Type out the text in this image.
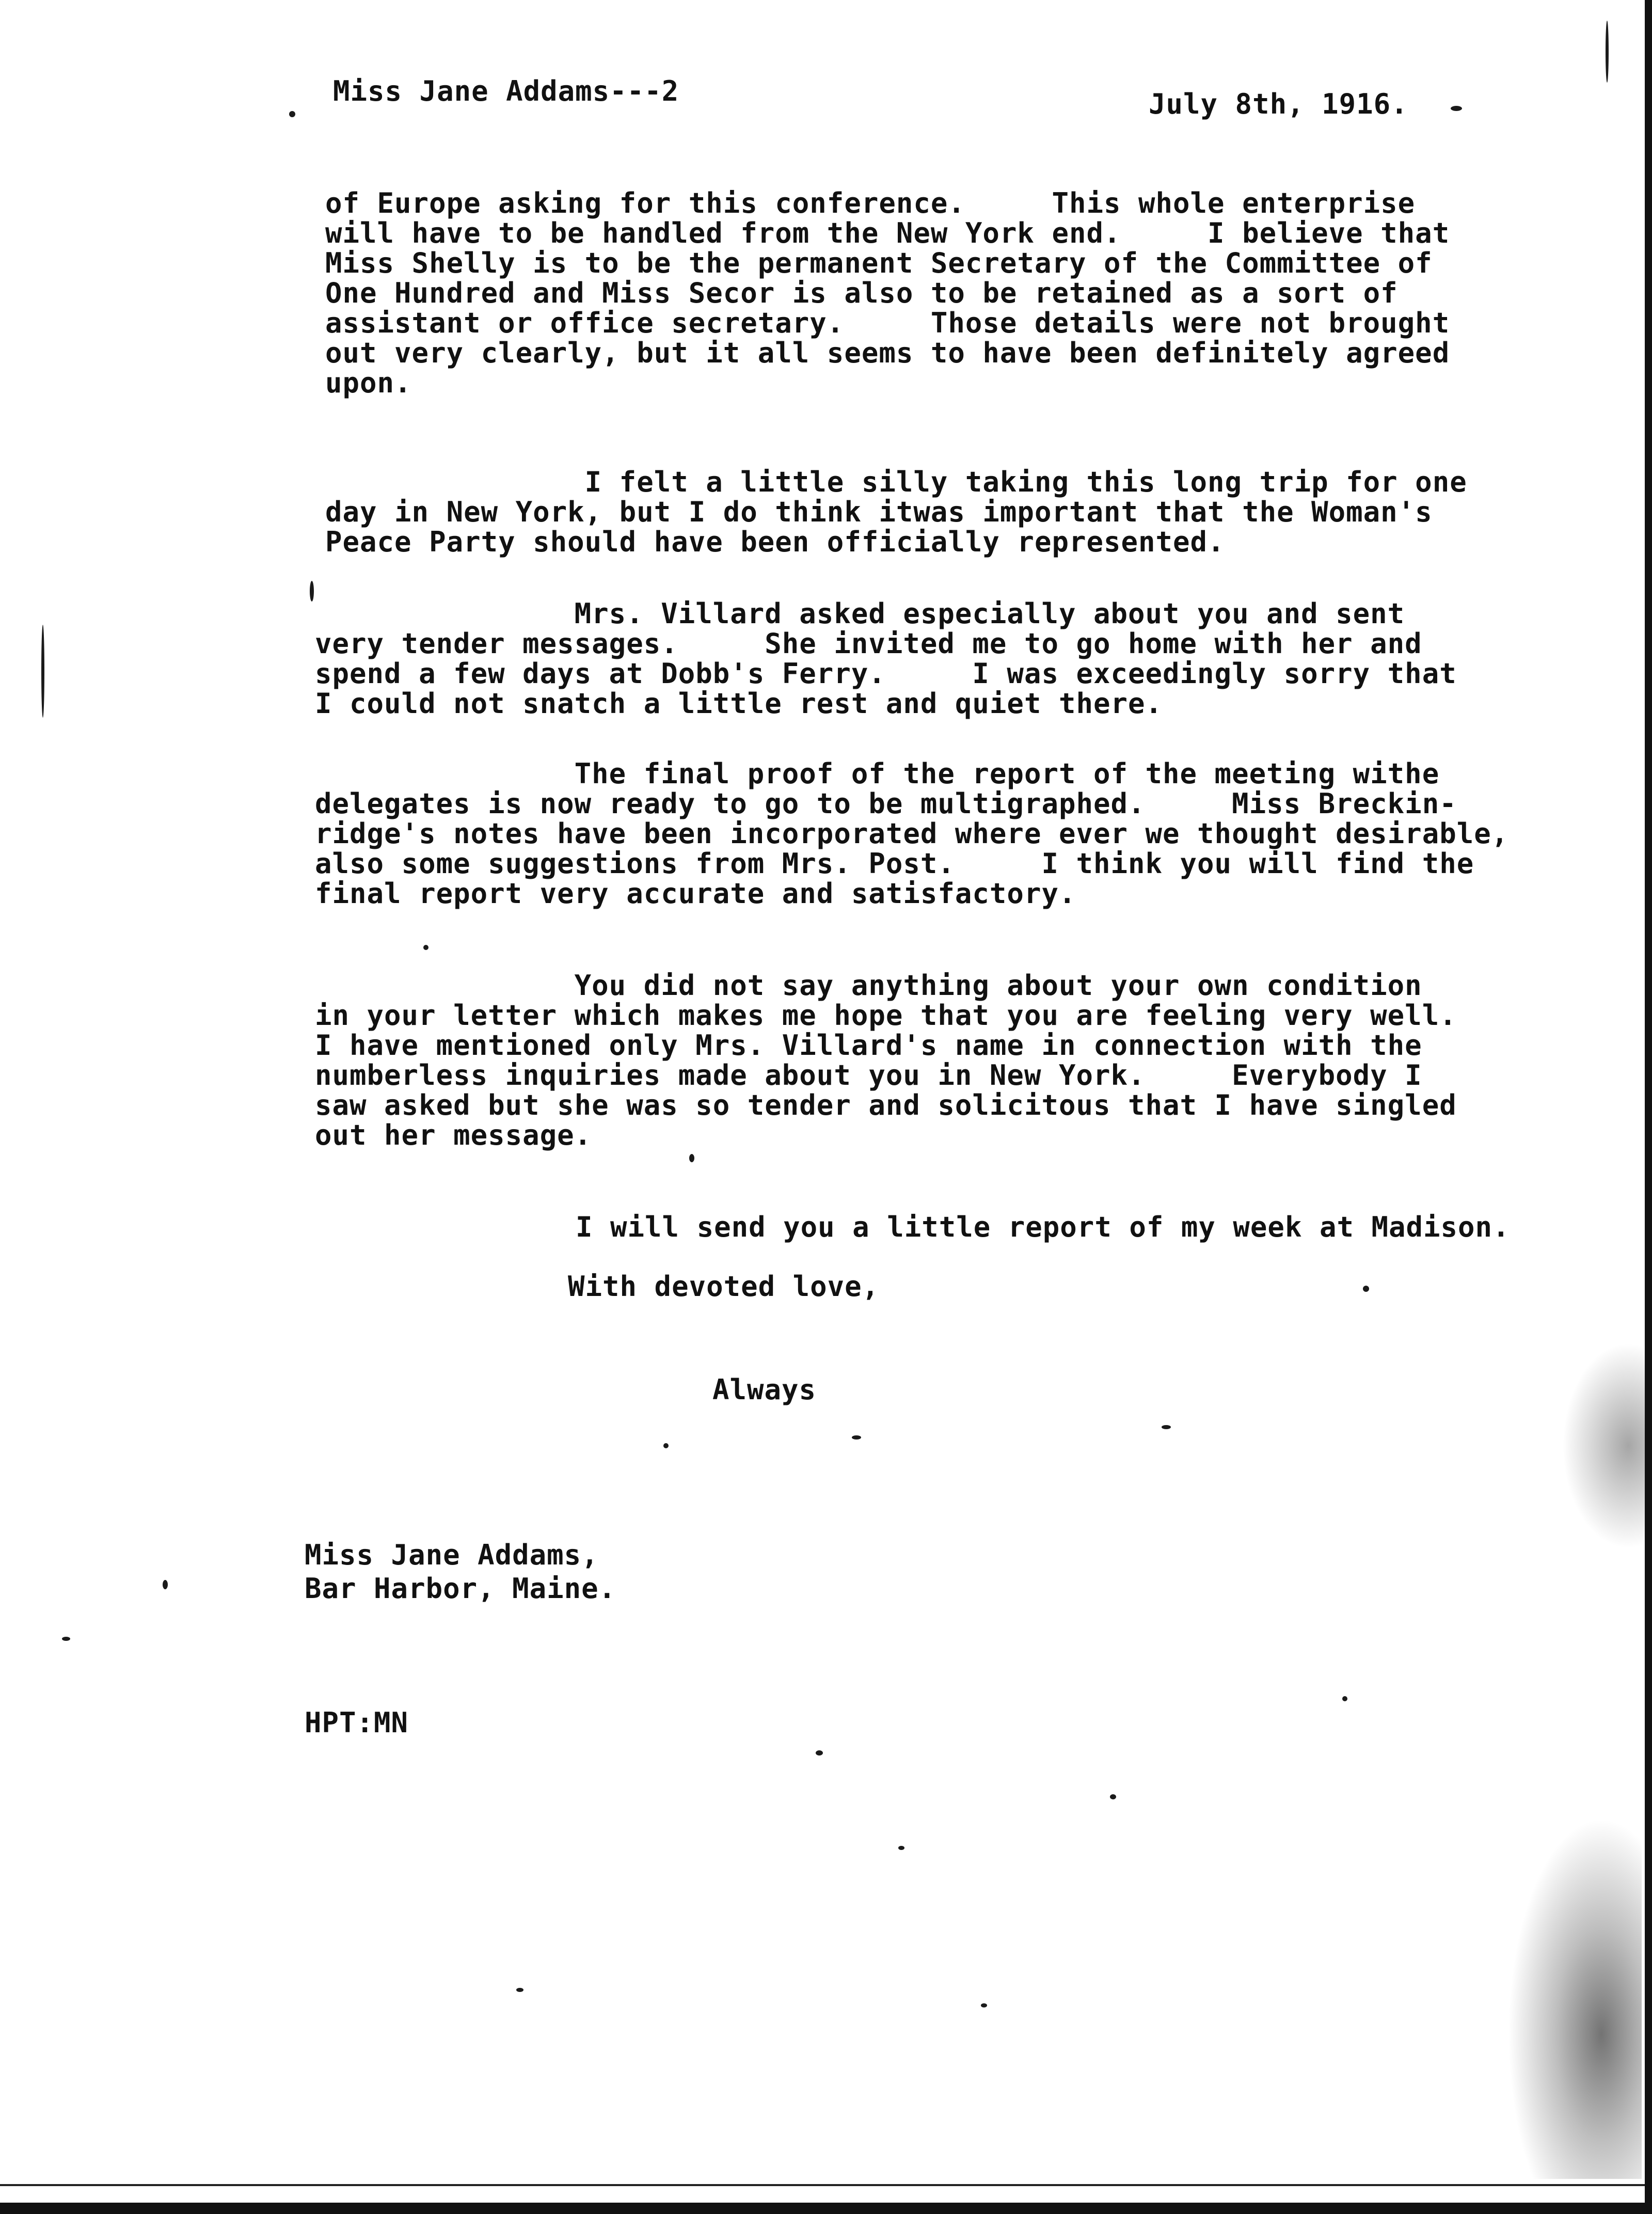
Miss Jane Addams---2	July 8th, 1916.
of Europe asking for this conference.     This whole enterprise
will have to be handled from the New York end.     I believe that
Miss Shelly is to be the permanent Secretary of the Committee of
One Hundred and Miss Secor is also to be retained as a sort of
assistant or office secretary.     Those details were not brought
out very clearly, but it all seems to have been definitely agreed
upon.
I felt a little silly taking this long trip for one
day in New York, but I do think itwas important that the Woman's
Peace Party should have been officially represented.
Mrs. Villard asked especially about you and sent
very tender messages.     She invited me to go home with her and
spend a few days at Dobb's Ferry.     I was exceedingly sorry that
I could not snatch a little rest and quiet there.
The final proof of the report of the meeting withe
delegates is now ready to go to be multigraphed.     Miss Breckin-
ridge's notes have been incorporated where ever we thought desirable,
also some suggestions from Mrs. Post.     I think you will find the
final report very accurate and satisfactory.
You did not say anything about your own condition
in your letter which makes me hope that you are feeling very well.
I have mentioned only Mrs. Villard's name in connection with the
numberless inquiries made about you in New York.     Everybody I
saw asked but she was so tender and solicitous that I have singled
out her message.
I will send you a little report of my week at Madison.
With devoted love,
Always
Miss Jane Addams,
Bar Harbor, Maine.
HPT:MN
